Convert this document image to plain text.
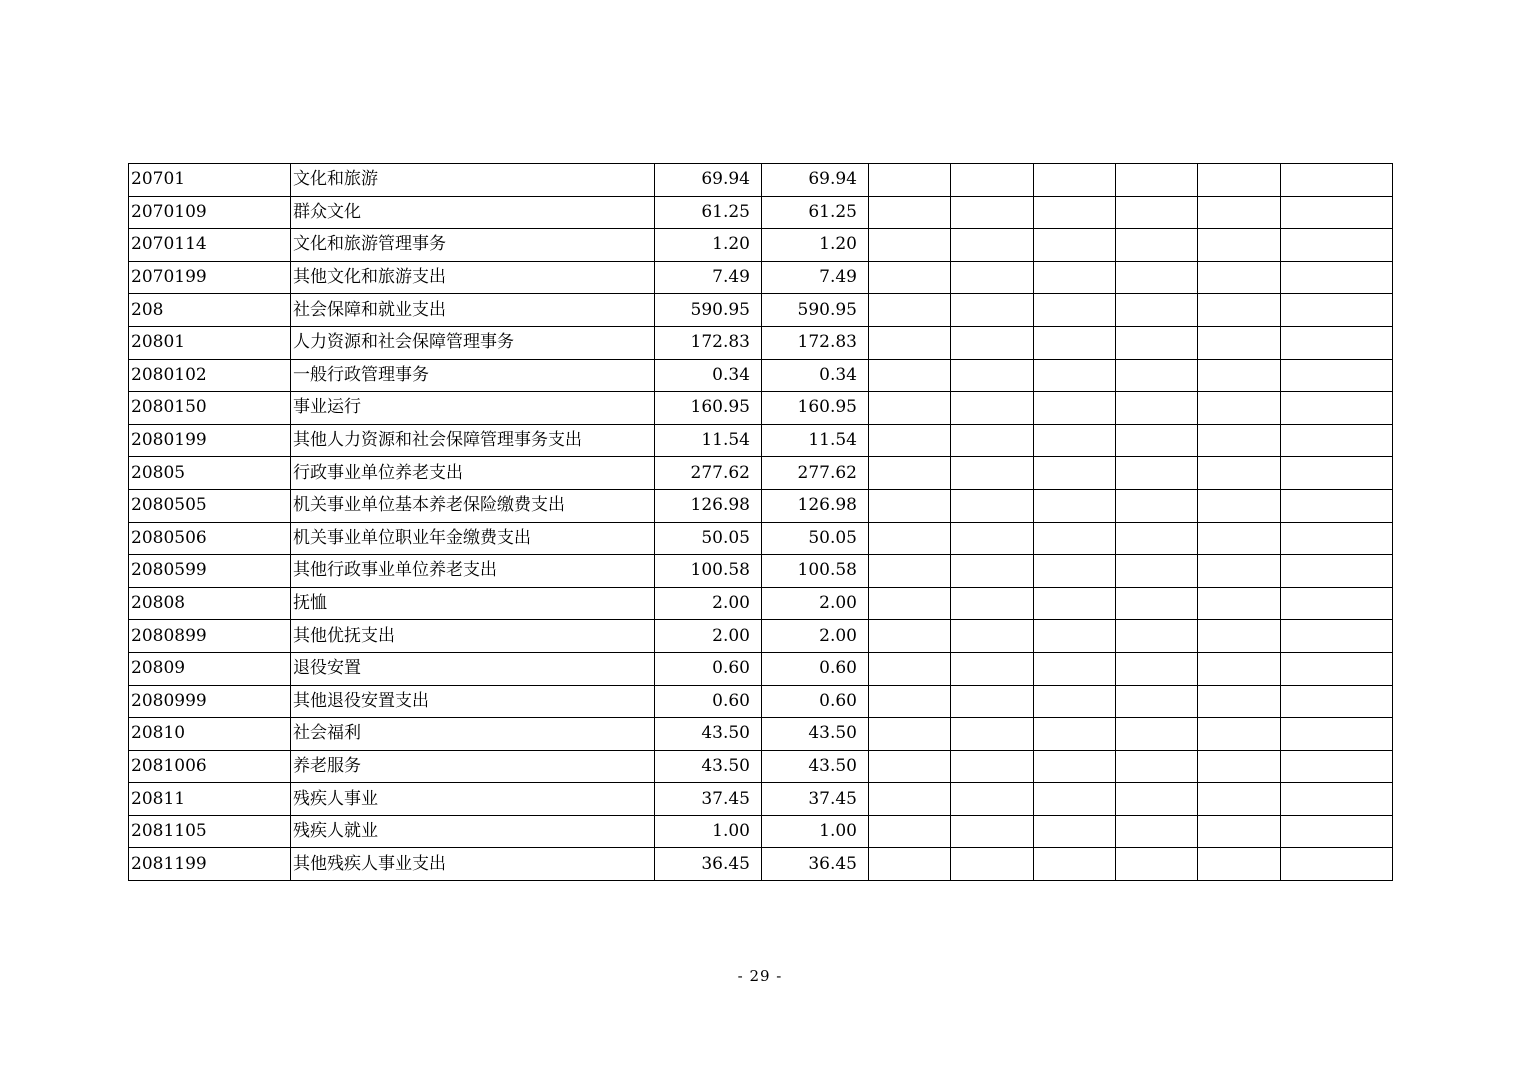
20701	文化和旅游	69.94	69.94						
2070109	群众文化	61.25	61.25						
2070114	文化和旅游管理事务	1.20	1.20						
2070199	其他文化和旅游支出	7.49	7.49						
208	社会保障和就业支出	590.95	590.95						
20801	人力资源和社会保障管理事务	172.83	172.83						
2080102	一般行政管理事务	0.34	0.34						
2080150	事业运行	160.95	160.95						
2080199	其他人力资源和社会保障管理事务支出	11.54	11.54						
20805	行政事业单位养老支出	277.62	277.62						
2080505	机关事业单位基本养老保险缴费支出	126.98	126.98						
2080506	机关事业单位职业年金缴费支出	50.05	50.05						
2080599	其他行政事业单位养老支出	100.58	100.58						
20808	抚恤	2.00	2.00						
2080899	其他优抚支出	2.00	2.00						
20809	退役安置	0.60	0.60						
2080999	其他退役安置支出	0.60	0.60						
20810	社会福利	43.50	43.50						
2081006	养老服务	43.50	43.50						
20811	残疾人事业	37.45	37.45						
2081105	残疾人就业	1.00	1.00						
2081199	其他残疾人事业支出	36.45	36.45						
- 29 -
